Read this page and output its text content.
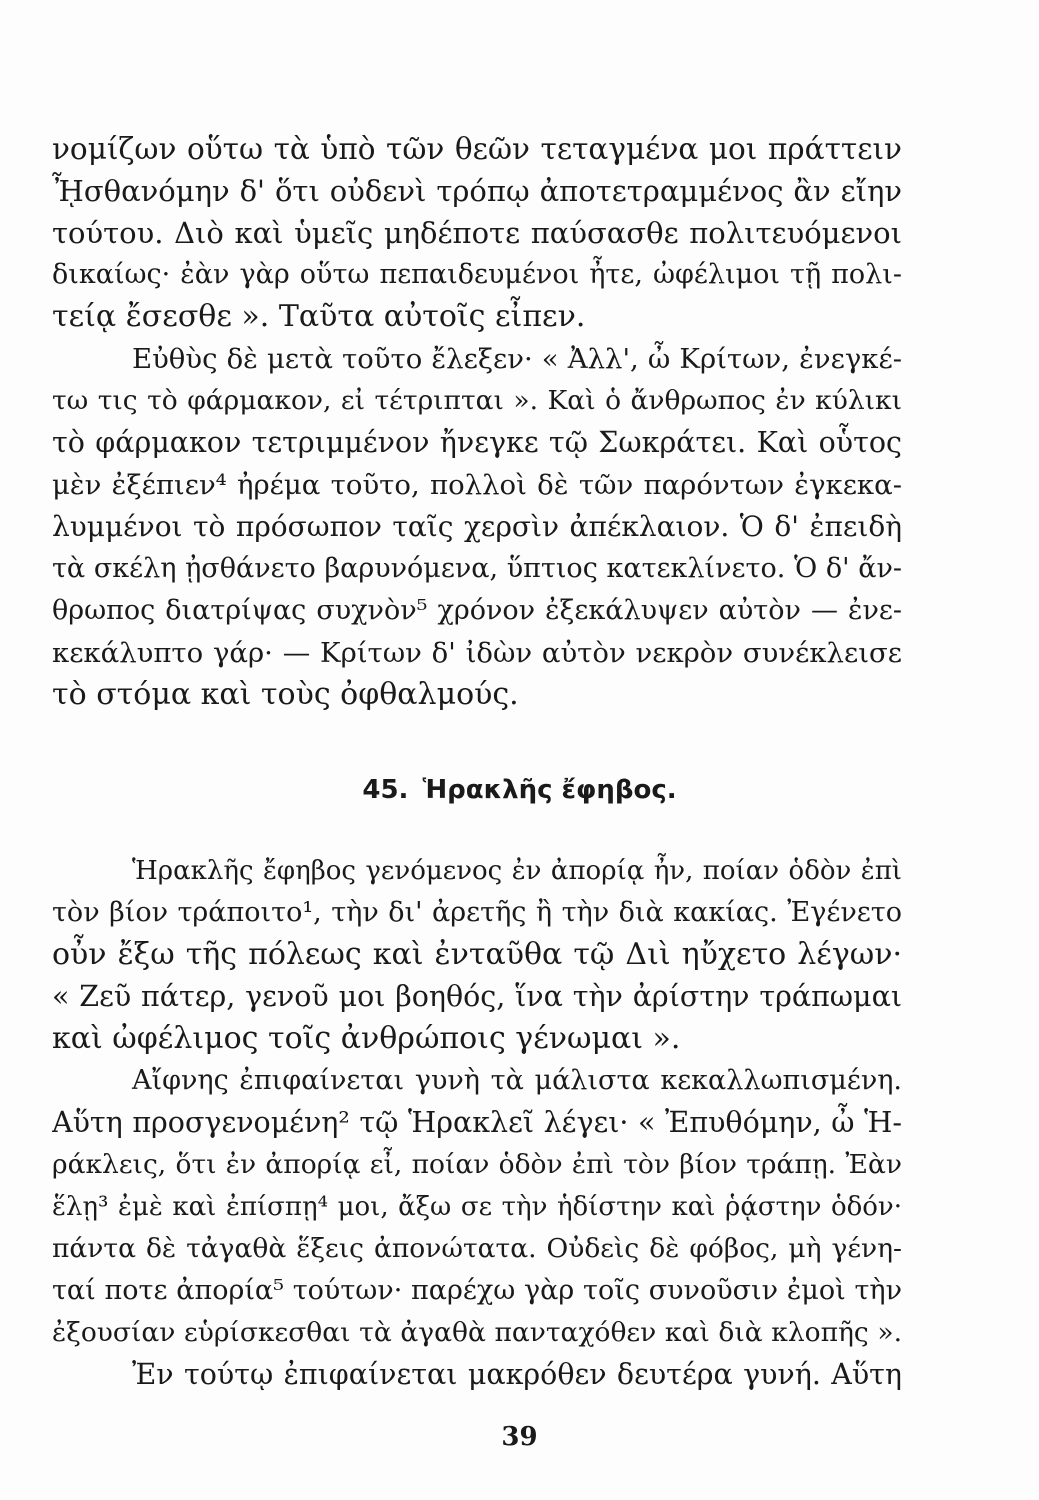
νομίζων οὕτω τὰ ὑπὸ τῶν θεῶν τεταγμένα μοι πράττειν
ᾞσθανόμην δ' ὅτι οὐδενὶ τρόπῳ ἀποτετραμμένος ἂν εἴην
τούτου. Διὸ καὶ ὑμεῖς μηδέποτε παύσασθε πολιτευόμενοι
δικαίως· ἐὰν γὰρ οὕτω πεπαιδευμένοι ἦτε, ὠφέλιμοι τῇ πολι-
τείᾳ ἔσεσθε ». Ταῦτα αὐτοῖς εἶπεν.
Εὐθὺς δὲ μετὰ τοῦτο ἔλεξεν· « Ἀλλ', ὦ Κρίτων, ἐνεγκέ-
τω τις τὸ φάρμακον, εἰ τέτριπται ». Καὶ ὁ ἄνθρωπος ἐν κύλικι
τὸ φάρμακον τετριμμένον ἤνεγκε τῷ Σωκράτει. Καὶ οὗτος
μὲν ἐξέπιεν⁴ ἠρέμα τοῦτο, πολλοὶ δὲ τῶν παρόντων ἐγκεκα-
λυμμένοι τὸ πρόσωπον ταῖς χερσὶν ἀπέκλαιον. Ὁ δ' ἐπειδὴ
τὰ σκέλη ᾐσθάνετο βαρυνόμενα, ὕπτιος κατεκλίνετο. Ὁ δ' ἄν-
θρωπος διατρίψας συχνὸν⁵ χρόνον ἐξεκάλυψεν αὐτὸν — ἐνε-
κεκάλυπτο γάρ· — Κρίτων δ' ἰδὼν αὐτὸν νεκρὸν συνέκλεισε
τὸ στόμα καὶ τοὺς ὀφθαλμούς.
45. Ἡρακλῆς ἔφηβος.
Ἡρακλῆς ἔφηβος γενόμενος ἐν ἀπορίᾳ ἦν, ποίαν ὁδὸν ἐπὶ
τὸν βίον τράποιτο¹, τὴν δι' ἀρετῆς ἢ τὴν διὰ κακίας. Ἐγένετο
οὖν ἔξω τῆς πόλεως καὶ ἐνταῦθα τῷ Διὶ ηὔχετο λέγων·
« Ζεῦ πάτερ, γενοῦ μοι βοηθός, ἵνα τὴν ἀρίστην τράπωμαι
καὶ ὠφέλιμος τοῖς ἀνθρώποις γένωμαι ».
Αἴφνης ἐπιφαίνεται γυνὴ τὰ μάλιστα κεκαλλωπισμένη.
Αὕτη προσγενομένη² τῷ Ἡρακλεῖ λέγει· « Ἐπυθόμην, ὦ Ἡ-
ράκλεις, ὅτι ἐν ἀπορίᾳ εἶ, ποίαν ὁδὸν ἐπὶ τὸν βίον τράπῃ. Ἐὰν
ἕλῃ³ ἐμὲ καὶ ἐπίσπῃ⁴ μοι, ἄξω σε τὴν ἡδίστην καὶ ῥᾴστην ὁδόν·
πάντα δὲ τἀγαθὰ ἕξεις ἀπονώτατα. Οὐδεὶς δὲ φόβος, μὴ γένη-
ταί ποτε ἀπορία⁵ τούτων· παρέχω γὰρ τοῖς συνοῦσιν ἐμοὶ τὴν
ἐξουσίαν εὑρίσκεσθαι τὰ ἀγαθὰ πανταχόθεν καὶ διὰ κλοπῆς ».
Ἐν τούτῳ ἐπιφαίνεται μακρόθεν δευτέρα γυνή. Αὕτη
39
